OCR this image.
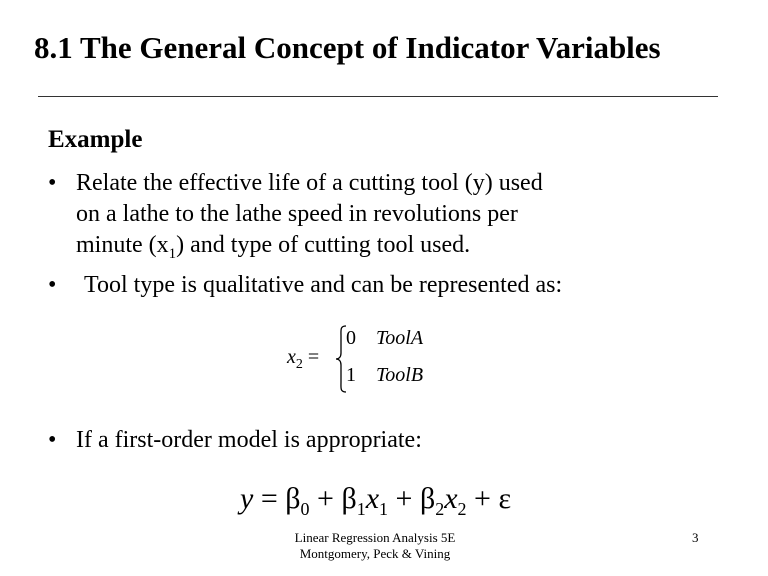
8.1 The General Concept of Indicator Variables
Example
• Relate the effective life of a cutting tool (y) used
on a lathe to the lathe speed in revolutions per
minute $(x_1)$ and type of cutting tool used.
• Tool type is qualitative and can be represented as:
$x_2$ =
0 ToolA
1 ToolB
• If a first-order model is appropriate:
$y = \beta_0 + \beta_1x_1 + \beta_2x_2 + \varepsilon$
Linear Regression Analysis 5E
Montgomery, Peck & Vining
3
